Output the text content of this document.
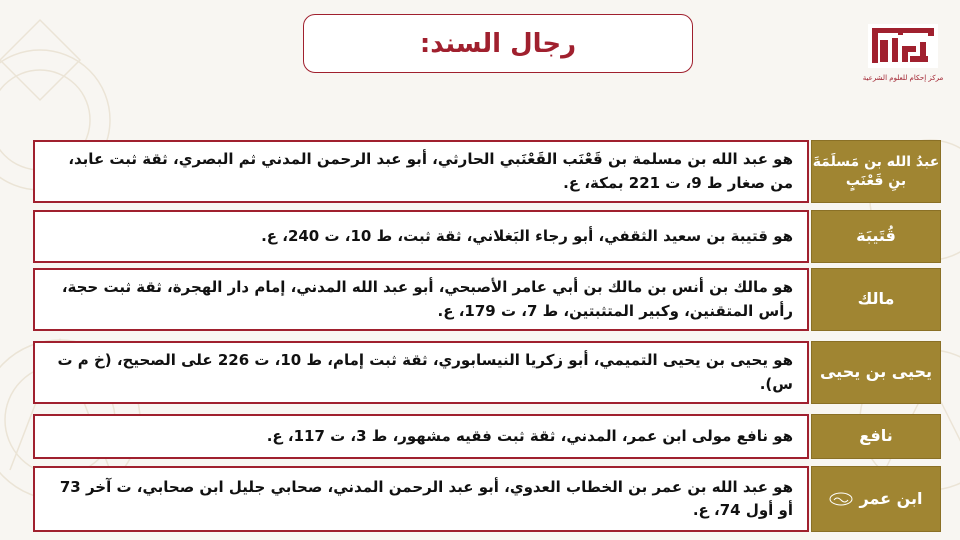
مركز إحكام للعلوم الشرعية
رجال السند:
هو عبد الله بن مسلمة بن قَعْنَب القَعْنَبي الحارثي، أبو عبد الرحمن المدني ثم البصري، ثقة ثبت عابد، من صغار ط 9، ت 221 بمكة، ع.
عبدُ الله بن مَسلَمَةَ بنِ قَعْنَبٍ
هو قتيبة بن سعيد الثقفي، أبو رجاء البَغلاني، ثقة ثبت، ط 10، ت 240، ع.	قُتَيبَة
هو مالك بن أنس بن مالك بن أبي عامر الأصبحي، أبو عبد الله المدني، إمام دار الهجرة، ثقة ثبت حجة، رأس المتقنين، وكبير المتثبتين، ط 7، ت 179، ع.
مالك
هو يحيى بن يحيى التميمي، أبو زكريا النيسابوري، ثقة ثبت إمام، ط 10، ت 226 على الصحيح، (خ م ت س).
يحيى بن يحيى
هو نافع مولى ابن عمر، المدني، ثقة ثبت فقيه مشهور، ط 3، ت 117، ع.	نافع
هو عبد الله بن عمر بن الخطاب العدوي، أبو عبد الرحمن المدني، صحابي جليل ابن صحابي، ت آخر 73 أو أول 74، ع.
ابن عمر
